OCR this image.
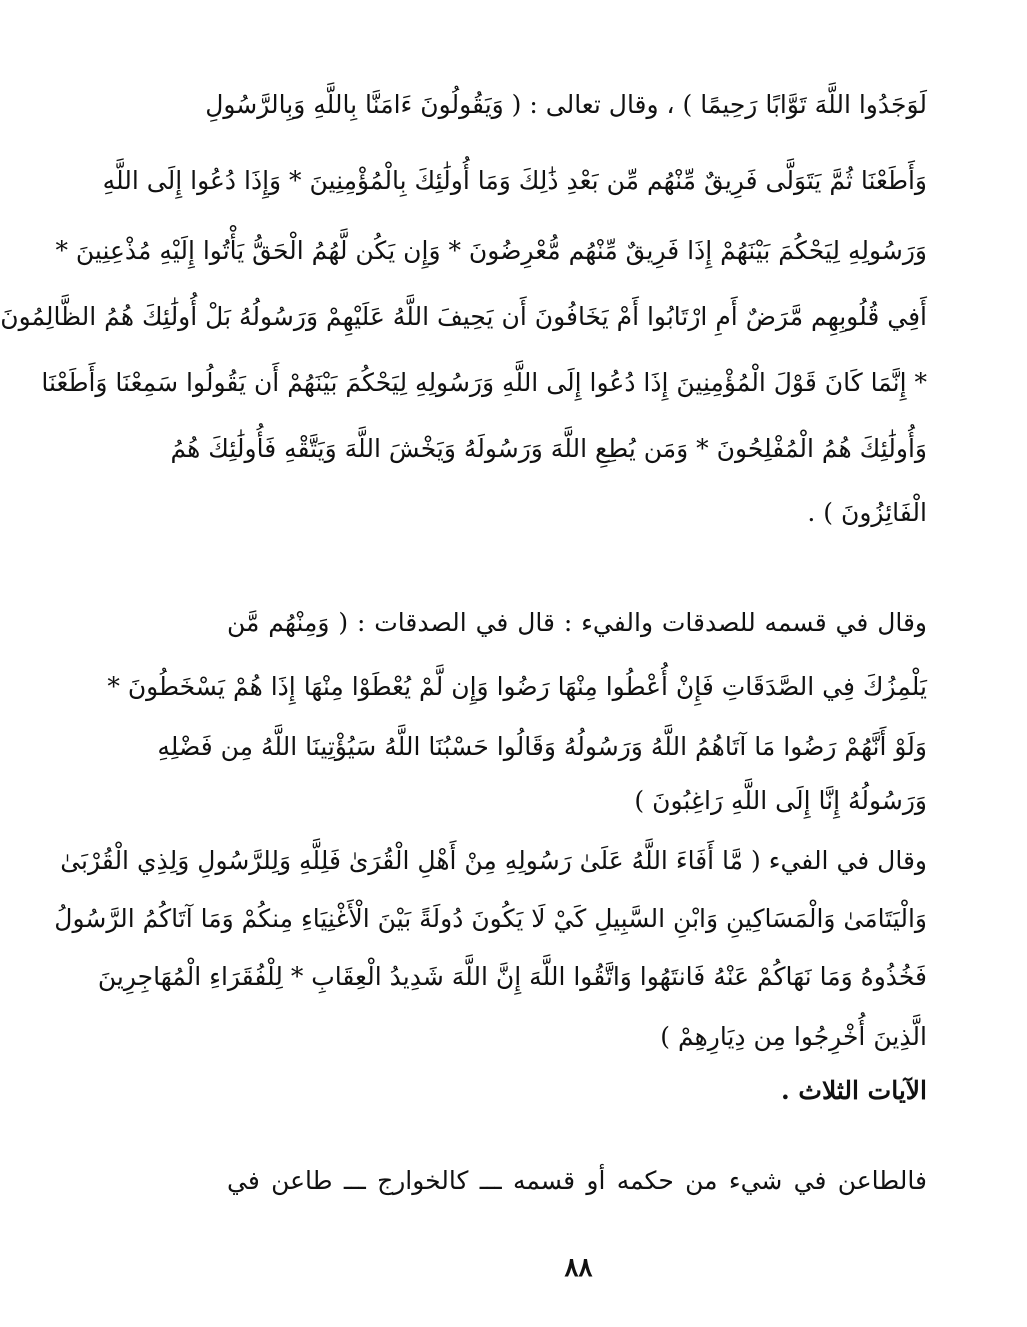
لَوَجَدُوا اللَّهَ تَوَّابًا رَحِيمًا ) ، وقال تعالى : ( وَيَقُولُونَ ءَامَنَّا بِاللَّهِ وَبِالرَّسُولِ
وَأَطَعْنَا ثُمَّ يَتَوَلَّى فَرِيقٌ مِّنْهُم مِّن بَعْدِ ذَٰلِكَ وَمَا أُولَٰئِكَ بِالْمُؤْمِنِينَ * وَإِذَا دُعُوا إِلَى اللَّهِ
وَرَسُولِهِ لِيَحْكُمَ بَيْنَهُمْ إِذَا فَرِيقٌ مِّنْهُم مُّعْرِضُونَ * وَإِن يَكُن لَّهُمُ الْحَقُّ يَأْتُوا إِلَيْهِ مُذْعِنِينَ *
أَفِي قُلُوبِهِم مَّرَضٌ أَمِ ارْتَابُوا أَمْ يَخَافُونَ أَن يَحِيفَ اللَّهُ عَلَيْهِمْ وَرَسُولُهُ بَلْ أُولَٰئِكَ هُمُ الظَّالِمُونَ
* إِنَّمَا كَانَ قَوْلَ الْمُؤْمِنِينَ إِذَا دُعُوا إِلَى اللَّهِ وَرَسُولِهِ لِيَحْكُمَ بَيْنَهُمْ أَن يَقُولُوا سَمِعْنَا وَأَطَعْنَا
وَأُولَٰئِكَ هُمُ الْمُفْلِحُونَ * وَمَن يُطِعِ اللَّهَ وَرَسُولَهُ وَيَخْشَ اللَّهَ وَيَتَّقْهِ فَأُولَٰئِكَ هُمُ
الْفَائِزُونَ ) .
وقال في قسمه للصدقات والفيء : قال في الصدقات : ( وَمِنْهُم مَّن
يَلْمِزُكَ فِي الصَّدَقَاتِ فَإِنْ أُعْطُوا مِنْهَا رَضُوا وَإِن لَّمْ يُعْطَوْا مِنْهَا إِذَا هُمْ يَسْخَطُونَ *
وَلَوْ أَنَّهُمْ رَضُوا مَا آتَاهُمُ اللَّهُ وَرَسُولُهُ وَقَالُوا حَسْبُنَا اللَّهُ سَيُؤْتِينَا اللَّهُ مِن فَضْلِهِ
وَرَسُولُهُ إِنَّا إِلَى اللَّهِ رَاغِبُونَ )
وقال في الفيء ( مَّا أَفَاءَ اللَّهُ عَلَىٰ رَسُولِهِ مِنْ أَهْلِ الْقُرَىٰ فَلِلَّهِ وَلِلرَّسُولِ وَلِذِي الْقُرْبَىٰ
وَالْيَتَامَىٰ وَالْمَسَاكِينِ وَابْنِ السَّبِيلِ كَيْ لَا يَكُونَ دُولَةً بَيْنَ الْأَغْنِيَاءِ مِنكُمْ وَمَا آتَاكُمُ الرَّسُولُ
فَخُذُوهُ وَمَا نَهَاكُمْ عَنْهُ فَانتَهُوا وَاتَّقُوا اللَّهَ إِنَّ اللَّهَ شَدِيدُ الْعِقَابِ * لِلْفُقَرَاءِ الْمُهَاجِرِينَ
الَّذِينَ أُخْرِجُوا مِن دِيَارِهِمْ )
الآيات الثلاث .
فالطاعن في شيء من حكمه أو قسمه ـــ كالخوارج ـــ طاعن في
٨٨
